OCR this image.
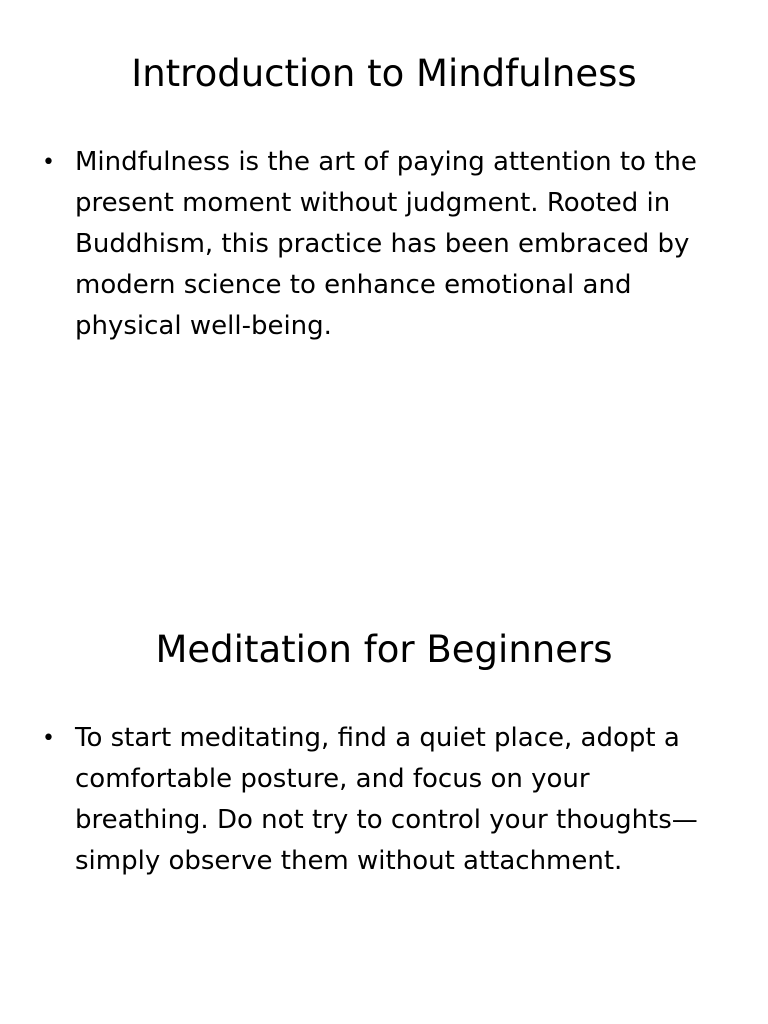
Introduction to Mindfulness
• Mindfulness is the art of paying attention to the present moment without judgment. Rooted in Buddhism, this practice has been embraced by modern science to enhance emotional and physical well-being.
Meditation for Beginners
• To start meditating, find a quiet place, adopt a comfortable posture, and focus on your breathing. Do not try to control your thoughts—simply observe them without attachment.
